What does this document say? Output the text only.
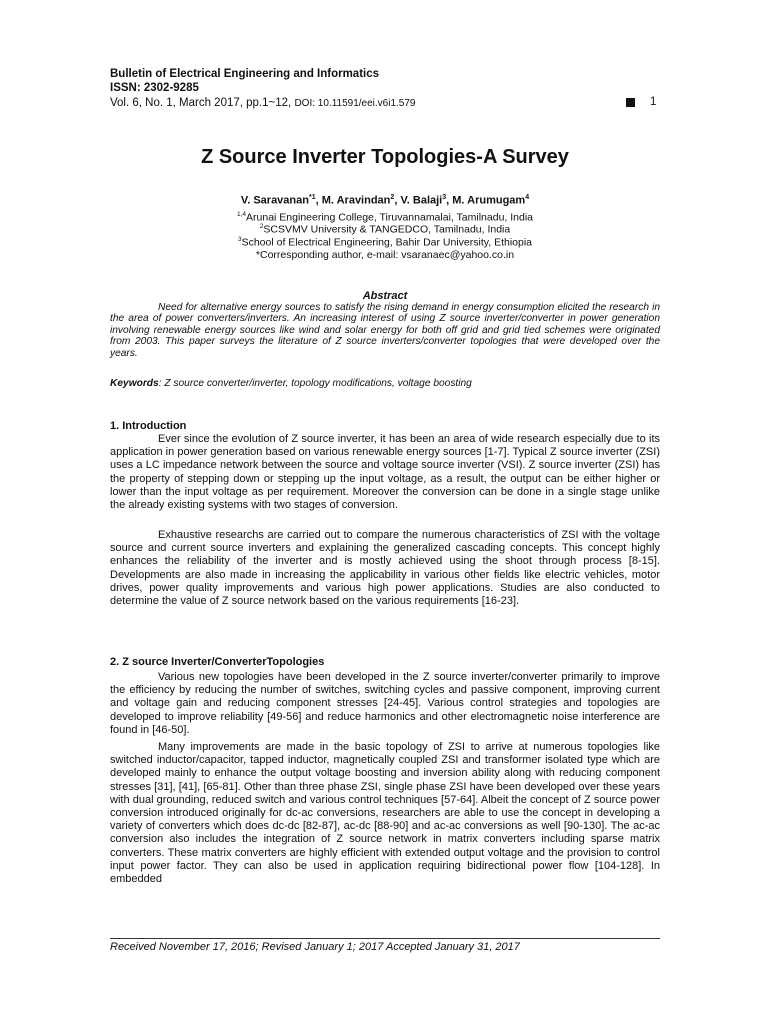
Bulletin of Electrical Engineering and Informatics
ISSN: 2302-9285
Vol. 6, No. 1, March 2017, pp.1~12, DOI: 10.11591/eei.v6i1.579	1
Z Source Inverter Topologies-A Survey
V. Saravanan$^{*1}$, M. Aravindan$^2$, V. Balaji$^3$, M. Arumugam$^4$
$^{1,4}$Arunai Engineering College, Tiruvannamalai, Tamilnadu, India
$^2$SCSVMV University & TANGEDCO, Tamilnadu, India
$^3$School of Electrical Engineering, Bahir Dar University, Ethiopia
*Corresponding author, e-mail: vsaranaec@yahoo.co.in
Abstract
Need for alternative energy sources to satisfy the rising demand in energy consumption elicited the research in the area of power converters/inverters. An increasing interest of using Z source inverter/converter in power generation involving renewable energy sources like wind and solar energy for both off grid and grid tied schemes were originated from 2003. This paper surveys the literature of Z source inverters/converter topologies that were developed over the years.
Keywords: Z source converter/inverter, topology modifications, voltage boosting
1. Introduction
Ever since the evolution of Z source inverter, it has been an area of wide research especially due to its application in power generation based on various renewable energy sources [1-7]. Typical Z source inverter (ZSI) uses a LC impedance network between the source and voltage source inverter (VSI). Z source inverter (ZSI) has the property of stepping down or stepping up the input voltage, as a result, the output can be either higher or lower than the input voltage as per requirement. Moreover the conversion can be done in a single stage unlike the already existing systems with two stages of conversion.
Exhaustive researchs are carried out to compare the numerous characteristics of ZSI with the voltage source and current source inverters and explaining the generalized cascading concepts. This concept highly enhances the reliability of the inverter and is mostly achieved using the shoot through process [8-15]. Developments are also made in increasing the applicability in various other fields like electric vehicles, motor drives, power quality improvements and various high power applications. Studies are also conducted to determine the value of Z source network based on the various requirements [16-23].
2. Z source Inverter/ConverterTopologies
Various new topologies have been developed in the Z source inverter/converter primarily to improve the efficiency by reducing the number of switches, switching cycles and passive component, improving current and voltage gain and reducing component stresses [24-45]. Various control strategies and topologies are developed to improve reliability [49-56] and reduce harmonics and other electromagnetic noise interference are found in [46-50].
Many improvements are made in the basic topology of ZSI to arrive at numerous topologies like switched inductor/capacitor, tapped inductor, magnetically coupled ZSI and transformer isolated type which are developed mainly to enhance the output voltage boosting and inversion ability along with reducing component stresses [31], [41], [65-81]. Other than three phase ZSI, single phase ZSI have been developed over these years with dual grounding, reduced switch and various control techniques [57-64]. Albeit the concept of Z source power conversion introduced originally for dc-ac conversions, researchers are able to use the concept in developing a variety of converters which does dc-dc [82-87], ac-dc [88-90] and ac-ac conversions as well [90-130]. The ac-ac conversion also includes the integration of Z source network in matrix converters including sparse matrix converters. These matrix converters are highly efficient with extended output voltage and the provision to control input power factor. They can also be used in application requiring bidirectional power flow [104-128]. In embedded
Received November 17, 2016; Revised January 1; 2017 Accepted January 31, 2017
